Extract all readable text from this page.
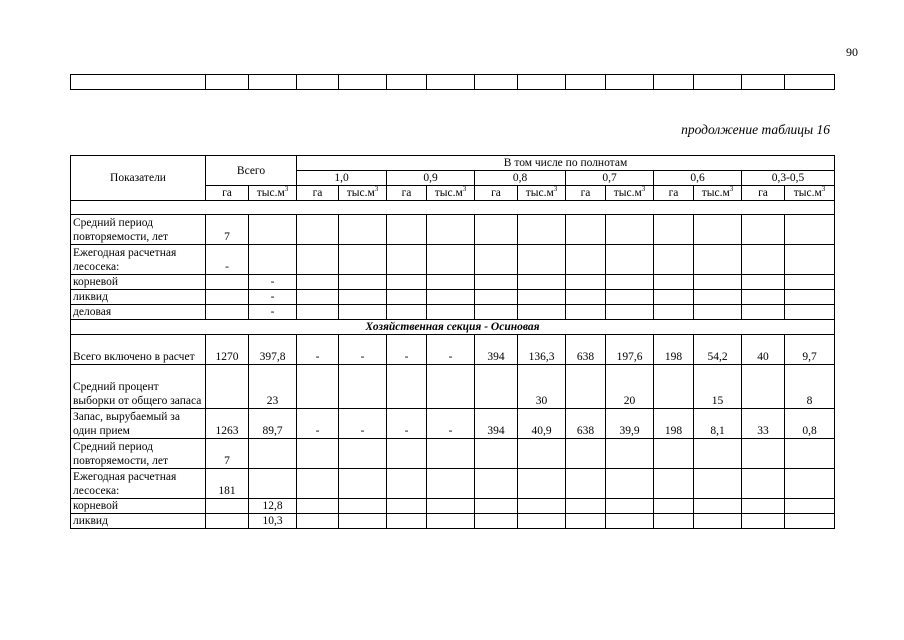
90

продолжение таблицы 16
Показатели	Всего		В том числе по полнотам											
			1,0		0,9		0,8		0,7		0,6		0,3-0,5	
	га	$тыс.м^3$	га	$тыс.м^3$	га	$тыс.м^3$	га	$тыс.м^3$	га	$тыс.м^3$	га	$тыс.м^3$	га	$тыс.м^3$

Средний период повторяемости, лет	7													
Ежегодная расчетная лесосека:	-													
корневой		-												
ликвид		-												
деловая		-												
Хозяйственная секция - Осиновая														
Всего включено в расчет	1270	397,8	-	-	-	-	394	136,3	638	197,6	198	54,2	40	9,7
Средний процент выборки от общего запаса		23						30		20		15		8
Запас, вырубаемый за один прием	1263	89,7	-	-	-	-	394	40,9	638	39,9	198	8,1	33	0,8
Средний период повторяемости, лет	7													
Ежегодная расчетная лесосека:	181													
корневой		12,8												
ликвид		10,3												
